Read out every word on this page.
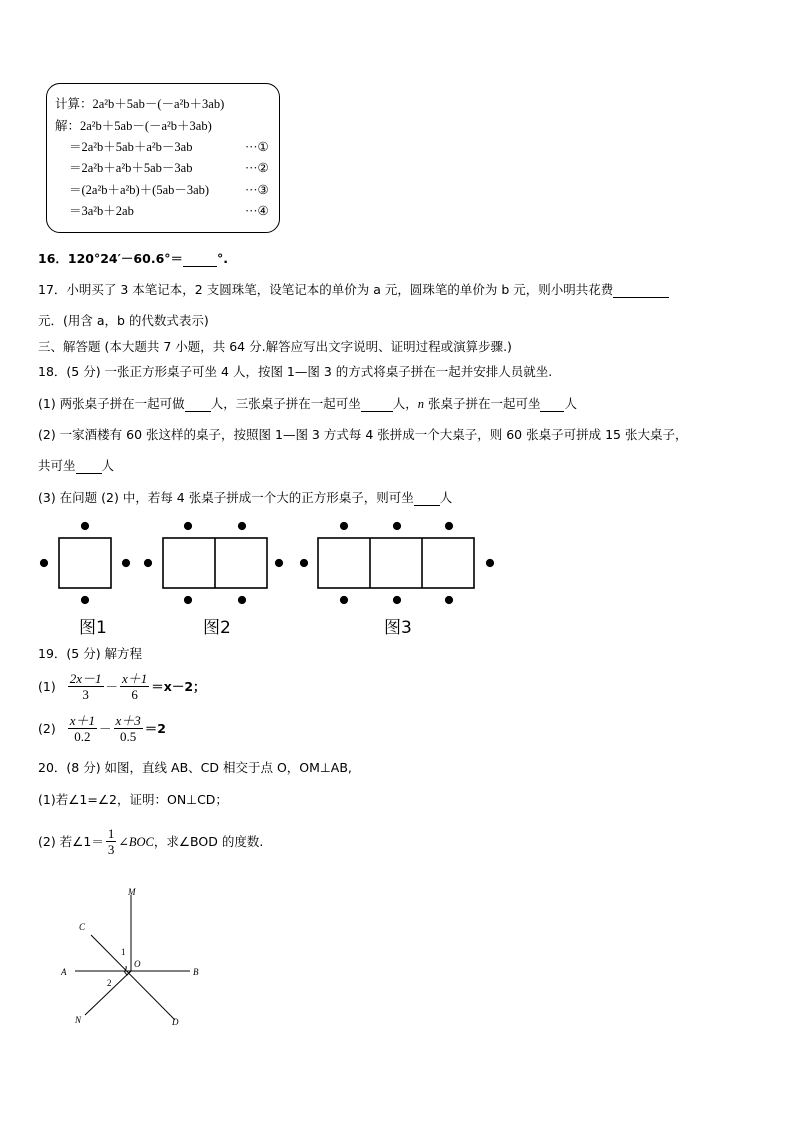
计算：2a²b＋5ab－(－a²b＋3ab)
解：2a²b＋5ab－(－a²b＋3ab)
＝2a²b＋5ab＋a²b－3ab	···①
＝2a²b＋a²b＋5ab－3ab	···②
＝(2a²b＋a²b)＋(5ab－3ab)	···③
＝3a²b＋2ab	···④
16．120°24′－60.6°＝	°.
17．小明买了 3 本笔记本，2 支圆珠笔，设笔记本的单价为 a 元，圆珠笔的单价为 b 元，则小明共花费
元．(用含 a，b 的代数式表示)
三、解答题 (本大题共 7 小题，共 64 分.解答应写出文字说明、证明过程或演算步骤.)
18．(5 分) 一张正方形桌子可坐 4 人，按图 1—图 3 的方式将桌子拼在一起并安排人员就坐.
(1) 两张桌子拼在一起可做 人，三张桌子拼在一起可坐	人，n 张桌子拼在一起可坐 人
(2) 一家酒楼有 60 张这样的桌子，按照图 1—图 3 方式每 4 张拼成一个大桌子，则 60 张桌子可拼成 15 张大桌子，
共可坐 人
(3) 在问题 (2) 中，若每 4 张桌子拼成一个大的正方形桌子，则可坐 人
图1	图2	图3
19．(5 分) 解方程
$(1) \frac{2x-1}{3} - \frac{x+1}{6} =x-2$；
$(2) \frac{x+1}{0.2} - \frac{x+3}{0.5} =2$
20．(8 分) 如图，直线 AB、CD 相交于点 O，OM⊥AB,
(1)若∠1=∠2，证明：ON⊥CD；
(2) 若∠1＝ $\frac{1}{3}$ ∠BOC ，求∠BOD 的度数.
M
C
A	B
O
N	D
1
2
